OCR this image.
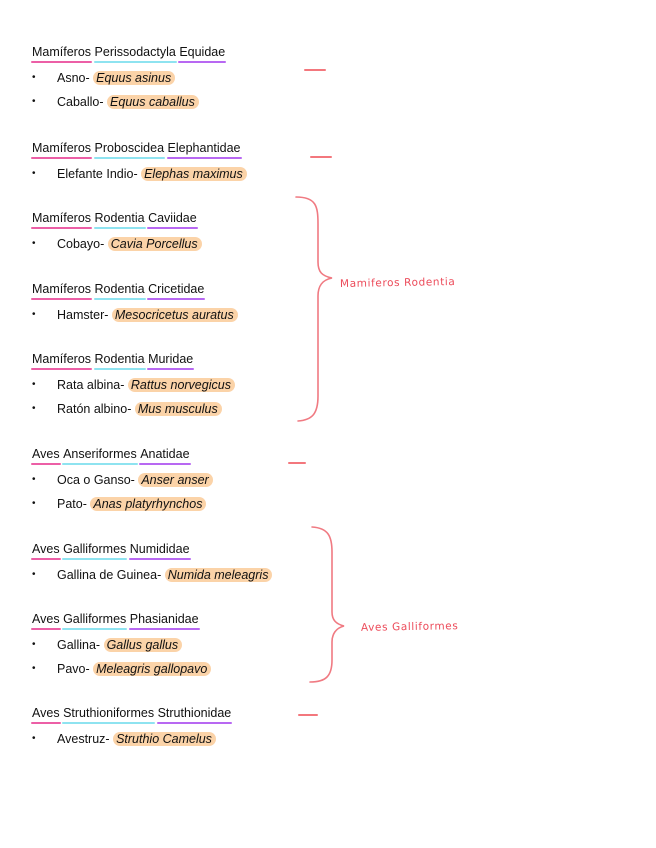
Mamíferos Perissodactyla Equidae
• Asno- Equus asinus
• Caballo- Equus caballus
Mamíferos Proboscidea Elephantidae
• Elefante Indio- Elephas maximus
Mamíferos Rodentia Caviidae
• Cobayo- Cavia Porcellus
Mamíferos Rodentia Cricetidae
• Hamster- Mesocricetus auratus
Mamíferos Rodentia Muridae
• Rata albina- Rattus norvegicus
• Ratón albino- Mus musculus
Aves Anseriformes Anatidae
• Oca o Ganso- Anser anser
• Pato- Anas platyrhynchos
Aves Galliformes Numididae
• Gallina de Guinea- Numida meleagris
Aves Galliformes Phasianidae
• Gallina- Gallus gallus
• Pavo- Meleagris gallopavo
Aves Struthioniformes Struthionidae
• Avestruz- Struthio Camelus
Mamiferos Rodentia
Aves Galliformes
